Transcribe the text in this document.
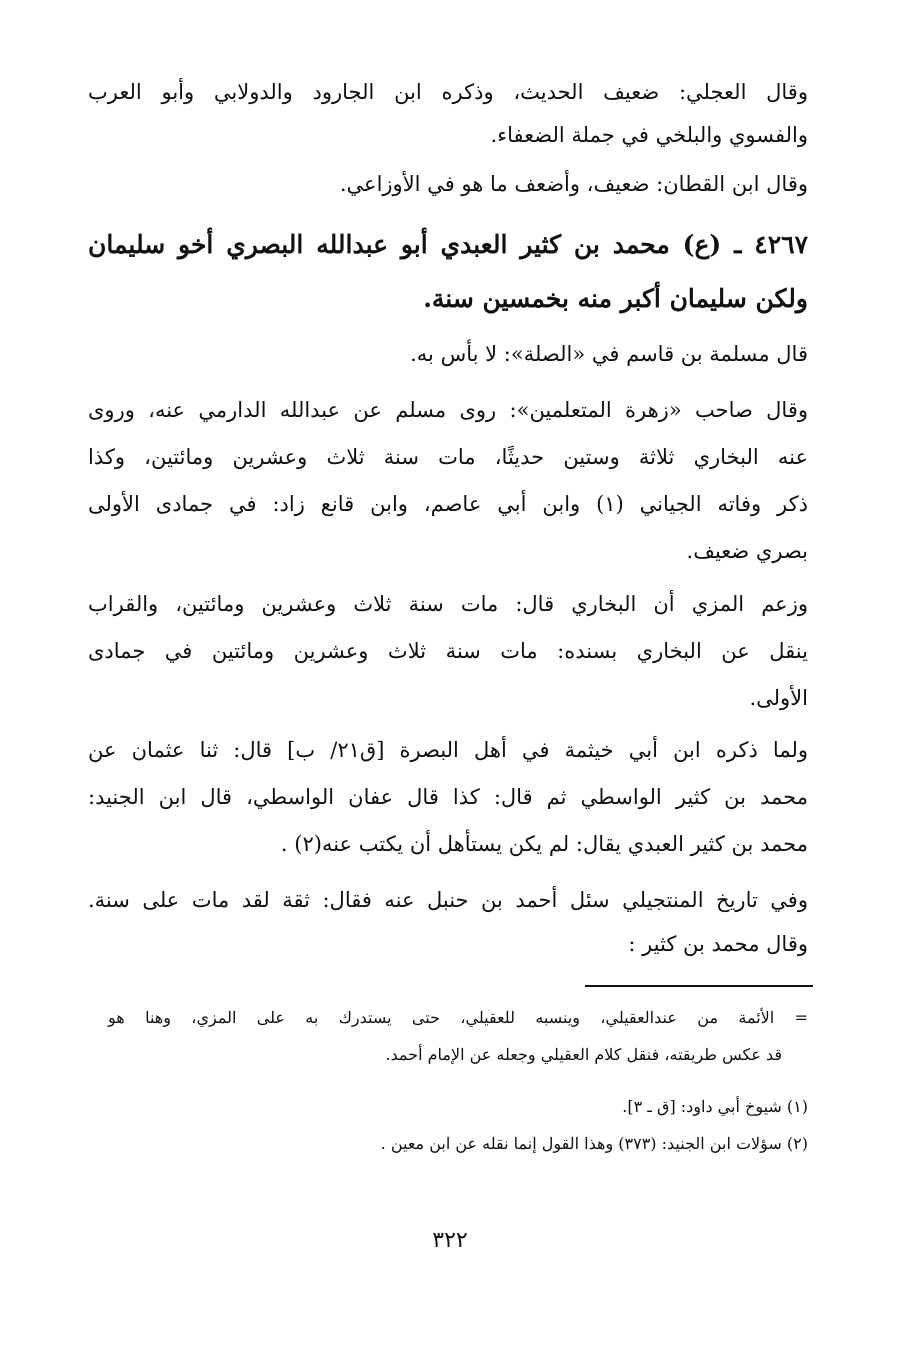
وقال العجلي: ضعيف الحديث، وذكره ابن الجارود والدولابي وأبو العرب
والفسوي والبلخي في جملة الضعفاء.
وقال ابن القطان: ضعيف، وأضعف ما هو في الأوزاعي.
٤٢٦٧ ـ (ع) محمد بن كثير العبدي أبو عبدالله البصري أخو سليمان
ولكن سليمان أكبر منه بخمسين سنة.
قال مسلمة بن قاسم في «الصلة»: لا بأس به.
وقال صاحب «زهرة المتعلمين»: روى مسلم عن عبدالله الدارمي عنه، وروى
عنه البخاري ثلاثة وستين حديثًا، مات سنة ثلاث وعشرين ومائتين، وكذا
ذكر وفاته الجياني (١) وابن أبي عاصم، وابن قانع زاد: في جمادى الأولى
بصري ضعيف.
وزعم المزي أن البخاري قال: مات سنة ثلاث وعشرين ومائتين، والقراب
ينقل عن البخاري بسنده: مات سنة ثلاث وعشرين ومائتين في جمادى
الأولى.
ولما ذكره ابن أبي خيثمة في أهل البصرة [ق٢١/ ب] قال: ثنا عثمان عن
محمد بن كثير الواسطي ثم قال: كذا قال عفان الواسطي، قال ابن الجنيد:
محمد بن كثير العبدي يقال: لم يكن يستأهل أن يكتب عنه(٢) .
وفي تاريخ المنتجيلي سئل أحمد بن حنبل عنه فقال: ثقة لقد مات على سنة.
وقال محمد بن كثير :
= الأئمة من عندالعقيلي، وينسبه للعقيلي، حتى يستدرك به على المزي، وهنا هو
قد عكس طريقته، فنقل كلام العقيلي وجعله عن الإمام أحمد.
(١) شيوخ أبي داود: [ق ـ ٣].
(٢) سؤلات ابن الجنيد: (٣٧٣) وهذا القول إنما نقله عن ابن معين .
٣٢٢
